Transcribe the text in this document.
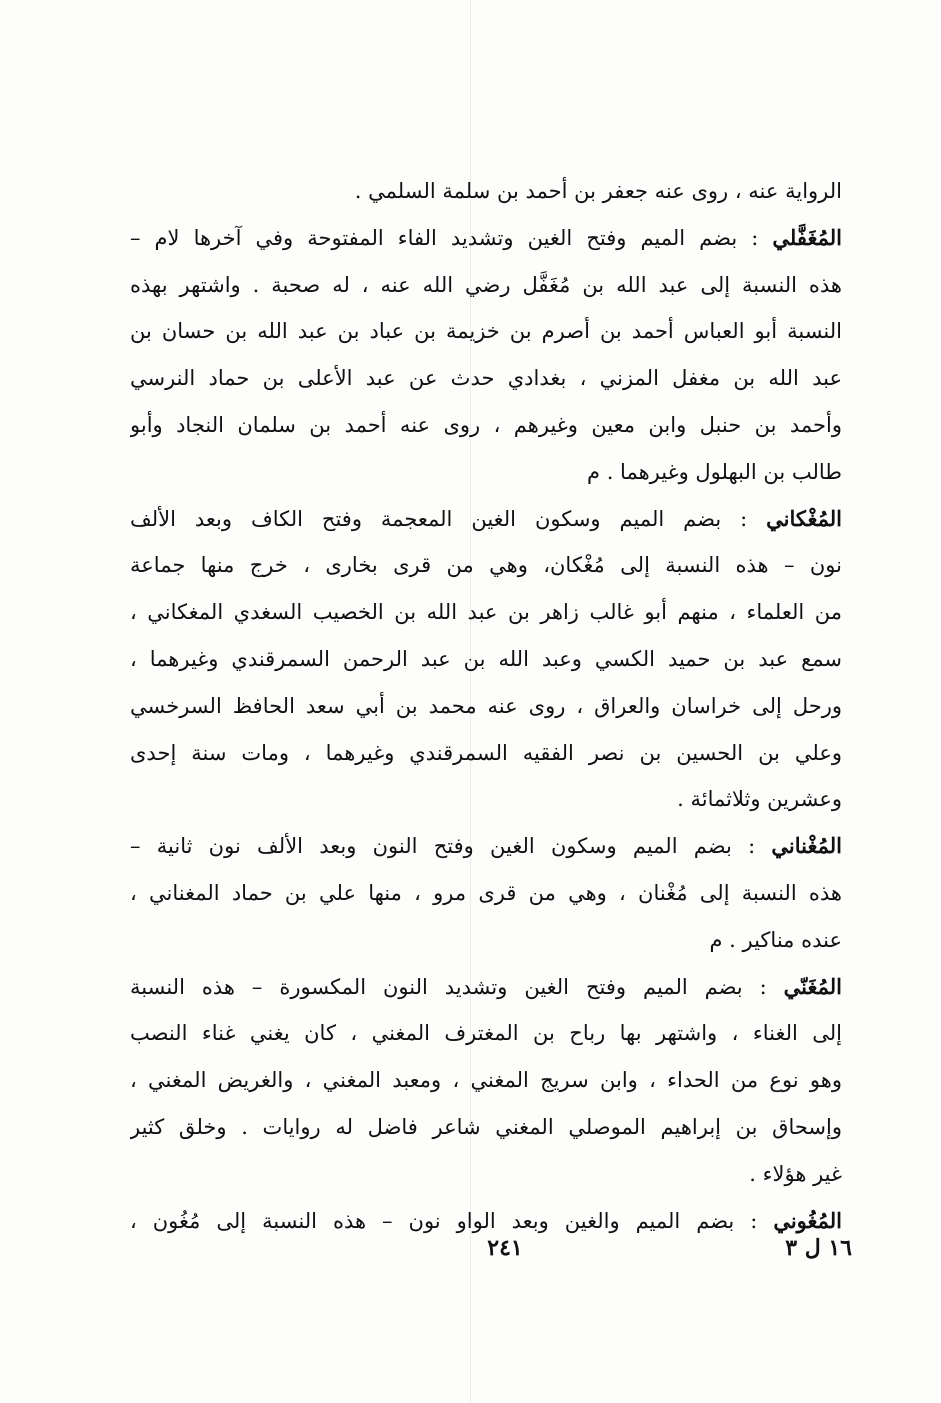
الرواية عنه ، روى عنه جعفر بن أحمد بن سلمة السلمي .
المُغَفَّلي : بضم الميم وفتح الغين وتشديد الفاء المفتوحة وفي آخرها لام –
هذه النسبة إلى عبد الله بن مُغَفَّل رضي الله عنه ، له صحبة . واشتهر بهذه
النسبة أبو العباس أحمد بن أصرم بن خزيمة بن عباد بن عبد الله بن حسان بن
عبد الله بن مغفل المزني ، بغدادي حدث عن عبد الأعلى بن حماد النرسي
وأحمد بن حنبل وابن معين وغيرهم ، روى عنه أحمد بن سلمان النجاد وأبو
طالب بن البهلول وغيرهما . م
المُغْكاني : بضم الميم وسكون الغين المعجمة وفتح الكاف وبعد الألف
نون – هذه النسبة إلى مُغْكان، وهي من قرى بخارى ، خرج منها جماعة
من العلماء ، منهم أبو غالب زاهر بن عبد الله بن الخصيب السغدي المغكاني ،
سمع عبد بن حميد الكسي وعبد الله بن عبد الرحمن السمرقندي وغيرهما ،
ورحل إلى خراسان والعراق ، روى عنه محمد بن أبي سعد الحافظ السرخسي
وعلي بن الحسين بن نصر الفقيه السمرقندي وغيرهما ، ومات سنة إحدى
وعشرين وثلاثمائة .
المُغْناني : بضم الميم وسكون الغين وفتح النون وبعد الألف نون ثانية –
هذه النسبة إلى مُغْنان ، وهي من قرى مرو ، منها علي بن حماد المغناني ،
عنده مناكير . م
المُغَنّي : بضم الميم وفتح الغين وتشديد النون المكسورة – هذه النسبة
إلى الغناء ، واشتهر بها رباح بن المغترف المغني ، كان يغني غناء النصب
وهو نوع من الحداء ، وابن سريج المغني ، ومعبد المغني ، والغريض المغني ،
وإسحاق بن إبراهيم الموصلي المغني شاعر فاضل له روايات . وخلق كثير
غير هؤلاء .
المُغُوني : بضم الميم والغين وبعد الواو نون – هذه النسبة إلى مُغُون ،
١٦ ل ٣
٢٤١
